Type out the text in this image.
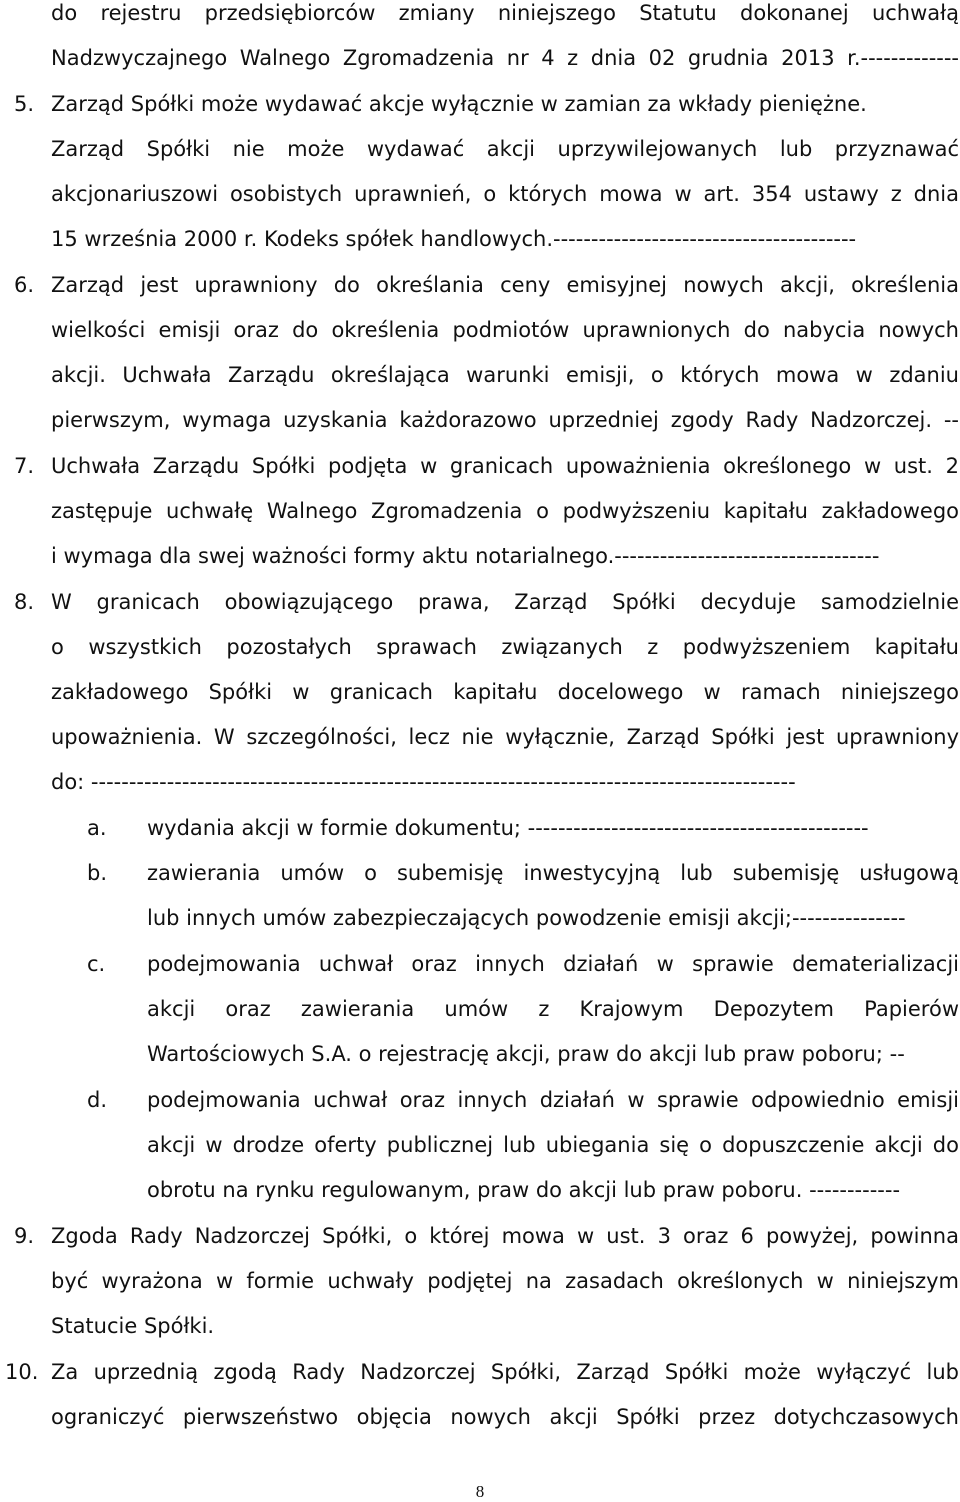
do rejestru przedsiębiorców zmiany niniejszego Statutu dokonanej uchwałą
Nadzwyczajnego Walnego Zgromadzenia nr 4 z dnia 02 grudnia 2013 r.-------------
5. Zarząd Spółki może wydawać akcje wyłącznie w zamian za wkłady pieniężne.
Zarząd Spółki nie może wydawać akcji uprzywilejowanych lub przyznawać
akcjonariuszowi osobistych uprawnień, o których mowa w art. 354 ustawy z dnia
15 września 2000 r. Kodeks spółek handlowych.----------------------------------------
6. Zarząd jest uprawniony do określania ceny emisyjnej nowych akcji, określenia
wielkości emisji oraz do określenia podmiotów uprawnionych do nabycia nowych
akcji. Uchwała Zarządu określająca warunki emisji, o których mowa w zdaniu
pierwszym, wymaga uzyskania każdorazowo uprzedniej zgody Rady Nadzorczej. --
7. Uchwała Zarządu Spółki podjęta w granicach upoważnienia określonego w ust. 2
zastępuje uchwałę Walnego Zgromadzenia o podwyższeniu kapitału zakładowego
i wymaga dla swej ważności formy aktu notarialnego.-----------------------------------
8. W granicach obowiązującego prawa, Zarząd Spółki decyduje samodzielnie
o wszystkich pozostałych sprawach związanych z podwyższeniem kapitału
zakładowego Spółki w granicach kapitału docelowego w ramach niniejszego
upoważnienia. W szczególności, lecz nie wyłącznie, Zarząd Spółki jest uprawniony
do: ---------------------------------------------------------------------------------------------
a. wydania akcji w formie dokumentu; ---------------------------------------------
b. zawierania umów o subemisję inwestycyjną lub subemisję usługową
lub innych umów zabezpieczających powodzenie emisji akcji;---------------
c. podejmowania uchwał oraz innych działań w sprawie dematerializacji
akcji oraz zawierania umów z Krajowym Depozytem Papierów
Wartościowych S.A. o rejestrację akcji, praw do akcji lub praw poboru; --
d. podejmowania uchwał oraz innych działań w sprawie odpowiednio emisji
akcji w drodze oferty publicznej lub ubiegania się o dopuszczenie akcji do
obrotu na rynku regulowanym, praw do akcji lub praw poboru. ------------
9. Zgoda Rady Nadzorczej Spółki, o której mowa w ust. 3 oraz 6 powyżej, powinna
być wyrażona w formie uchwały podjętej na zasadach określonych w niniejszym
Statucie Spółki.
10. Za uprzednią zgodą Rady Nadzorczej Spółki, Zarząd Spółki może wyłączyć lub
ograniczyć pierwszeństwo objęcia nowych akcji Spółki przez dotychczasowych
8
